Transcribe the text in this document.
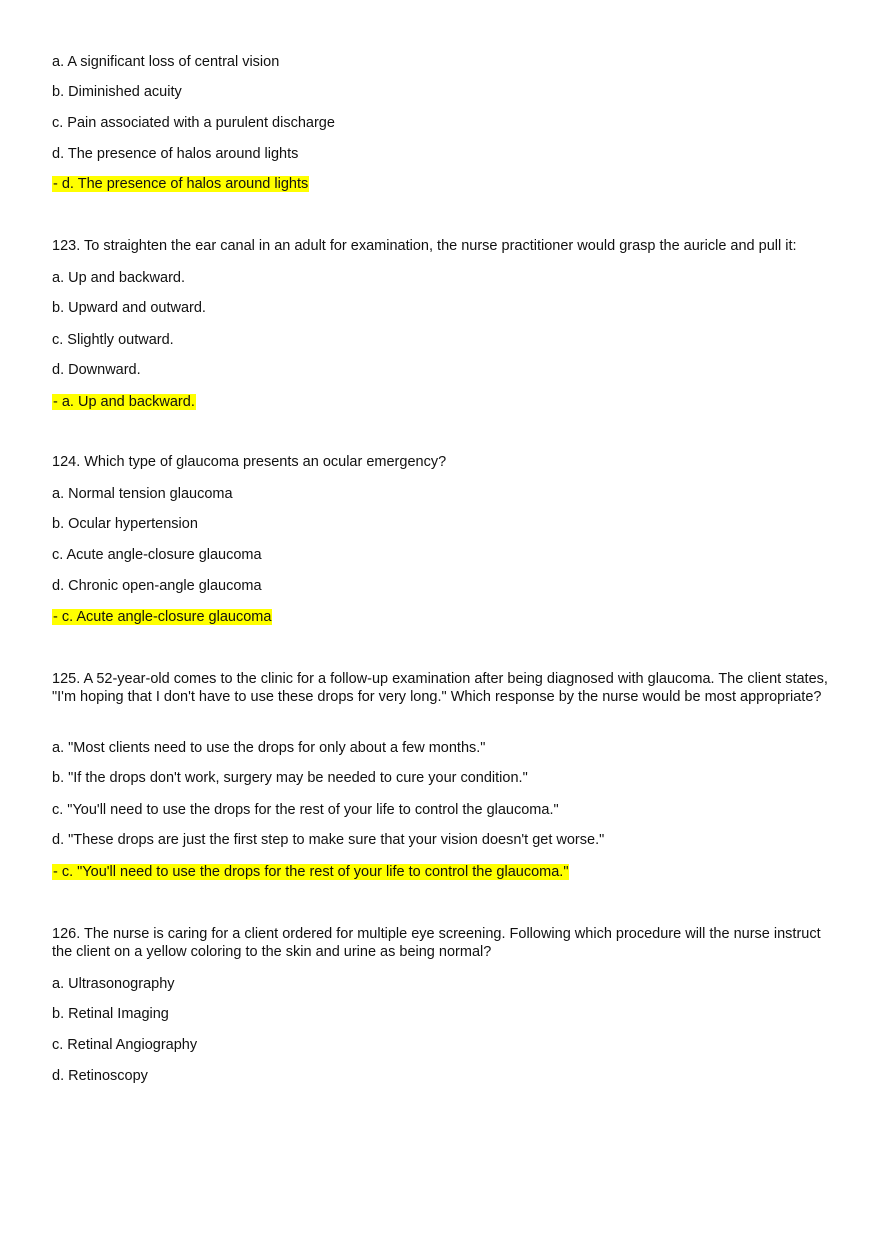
a. A significant loss of central vision
b. Diminished acuity
c. Pain associated with a purulent discharge
d. The presence of halos around lights
- d. The presence of halos around lights
123. To straighten the ear canal in an adult for examination, the nurse practitioner would grasp the auricle and pull it:
a. Up and backward.
b. Upward and outward.
c. Slightly outward.
d. Downward.
- a. Up and backward.
124. Which type of glaucoma presents an ocular emergency?
a. Normal tension glaucoma
b. Ocular hypertension
c. Acute angle-closure glaucoma
d. Chronic open-angle glaucoma
- c. Acute angle-closure glaucoma
125. A 52-year-old comes to the clinic for a follow-up examination after being diagnosed with glaucoma. The client states, "I'm hoping that I don't have to use these drops for very long." Which response by the nurse would be most appropriate?
a. "Most clients need to use the drops for only about a few months."
b. "If the drops don't work, surgery may be needed to cure your condition."
c. "You'll need to use the drops for the rest of your life to control the glaucoma."
d. "These drops are just the first step to make sure that your vision doesn't get worse."
- c. "You'll need to use the drops for the rest of your life to control the glaucoma."
126. The nurse is caring for a client ordered for multiple eye screening. Following which procedure will the nurse instruct the client on a yellow coloring to the skin and urine as being normal?
a. Ultrasonography
b. Retinal Imaging
c. Retinal Angiography
d. Retinoscopy
